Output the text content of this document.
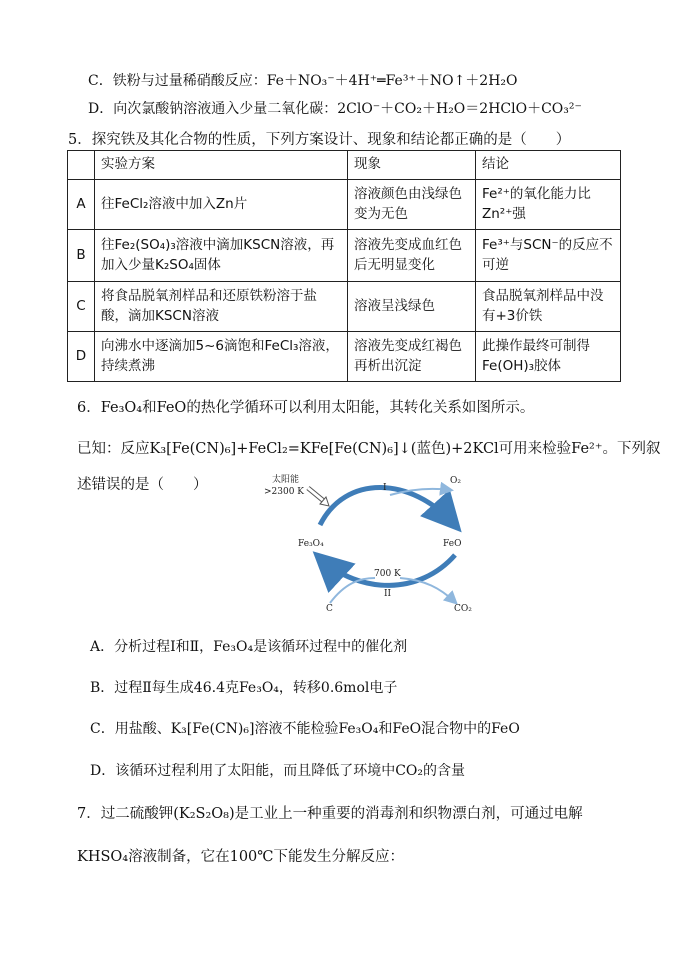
C．铁粉与过量稀硝酸反应：Fe＋NO₃⁻＋4H⁺═Fe³⁺＋NO↑＋2H₂O
D．向次氯酸钠溶液通入少量二氧化碳：2ClO⁻＋CO₂＋H₂O＝2HClO＋CO₃²⁻
5．探究铁及其化合物的性质，下列方案设计、现象和结论都正确的是（　　）
	实验方案	现象	结论
A	往FeCl₂溶液中加入Zn片	溶液颜色由浅绿色变为无色	Fe²⁺的氧化能力比Zn²⁺强
B	往Fe₂(SO₄)₃溶液中滴加KSCN溶液，再加入少量K₂SO₄固体	溶液先变成血红色后无明显变化	Fe³⁺与SCN⁻的反应不可逆
C	将食品脱氧剂样品和还原铁粉溶于盐酸，滴加KSCN溶液	溶液呈浅绿色	食品脱氧剂样品中没有+3价铁
D	向沸水中逐滴加5~6滴饱和FeCl₃溶液，持续煮沸	溶液先变成红褐色再析出沉淀	此操作最终可制得Fe(OH)₃胶体
6．Fe₃O₄和FeO的热化学循环可以利用太阳能，其转化关系如图所示。
已知：反应K₃[Fe(CN)₆]+FeCl₂=KFe[Fe(CN)₆]↓(蓝色)+2KCl可用来检验Fe²⁺。下列叙
述错误的是（　　）	太阳能
>2300 K	I
O₂
Fe₃O₄	FeO
700 K
II
C	CO₂
A．分析过程Ⅰ和Ⅱ，Fe₃O₄是该循环过程中的催化剂
B．过程Ⅱ每生成46.4克Fe₃O₄，转移0.6mol电子
C．用盐酸、K₃[Fe(CN)₆]溶液不能检验Fe₃O₄和FeO混合物中的FeO
D．该循环过程利用了太阳能，而且降低了环境中CO₂的含量
7．过二硫酸钾(K₂S₂O₈)是工业上一种重要的消毒剂和织物漂白剂，可通过电解
KHSO₄溶液制备，它在100℃下能发生分解反应：
